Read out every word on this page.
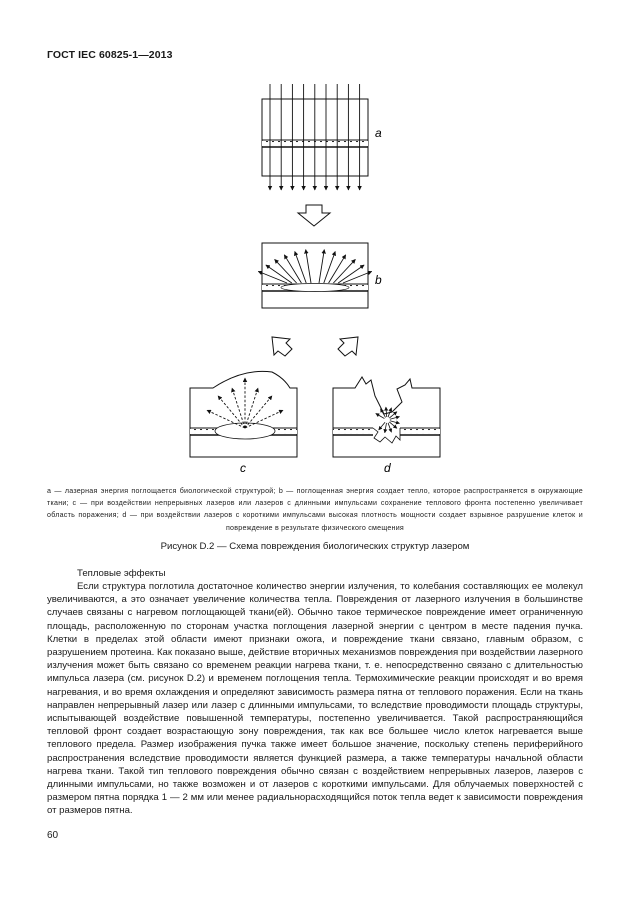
ГОСТ IEC 60825-1—2013
a
b
c	d

a — лазерная энергия поглощается биологической структурой; b — поглощенная энергия создает тепло, которое распространяется в окружающие ткани; c — при воздействии непрерывных лазеров или лазеров с длинными импульсами сохранение теплового фронта постепенно увеличивает область поражения; d — при воздействии лазеров с короткими импульсами высокая плотность мощности создает взрывное разрушение клеток и повреждение в результате физического смещения

Рисунок D.2 — Схема повреждения биологических структур лазером
Тепловые эффекты

Если структура поглотила достаточное количество энергии излучения, то колебания составляющих ее молекул увеличиваются, а это означает увеличение количества тепла. Повреждения от лазерного излучения в большинстве случаев связаны с нагревом поглощающей ткани(ей). Обычно такое термическое повреждение имеет ограниченную площадь, расположенную по сторонам участка поглощения лазерной энергии с центром в месте падения пучка. Клетки в пределах этой области имеют признаки ожога, и повреждение ткани связано, главным образом, с разрушением протеина. Как показано выше, действие вторичных механизмов повреждения при воздействии лазерного излучения может быть связано со временем реакции нагрева ткани, т. е. непосредственно связано с длительностью импульса лазера (см. рисунок D.2) и временем поглощения тепла. Термохимические реакции происходят и во время нагревания, и во время охлаждения и определяют зависимость размера пятна от теплового поражения. Если на ткань направлен непрерывный лазер или лазер с длинными импульсами, то вследствие проводимости площадь структуры, испытывающей воздействие повышенной температуры, постепенно увеличивается. Такой распространяющийся тепловой фронт создает возрастающую зону повреждения, так как все большее число клеток нагревается выше теплового предела. Размер изображения пучка также имеет большое значение, поскольку степень периферийного распространения вследствие проводимости является функцией размера, а также температуры начальной области нагрева ткани. Такой тип теплового повреждения обычно связан с воздействием непрерывных лазеров, лазеров с длинными импульсами, но также возможен и от лазеров с короткими импульсами. Для облучаемых поверхностей с размером пятна порядка 1 — 2 мм или менее радиальнорасходящийся поток тепла ведет к зависимости повреждения от размеров пятна.

60
